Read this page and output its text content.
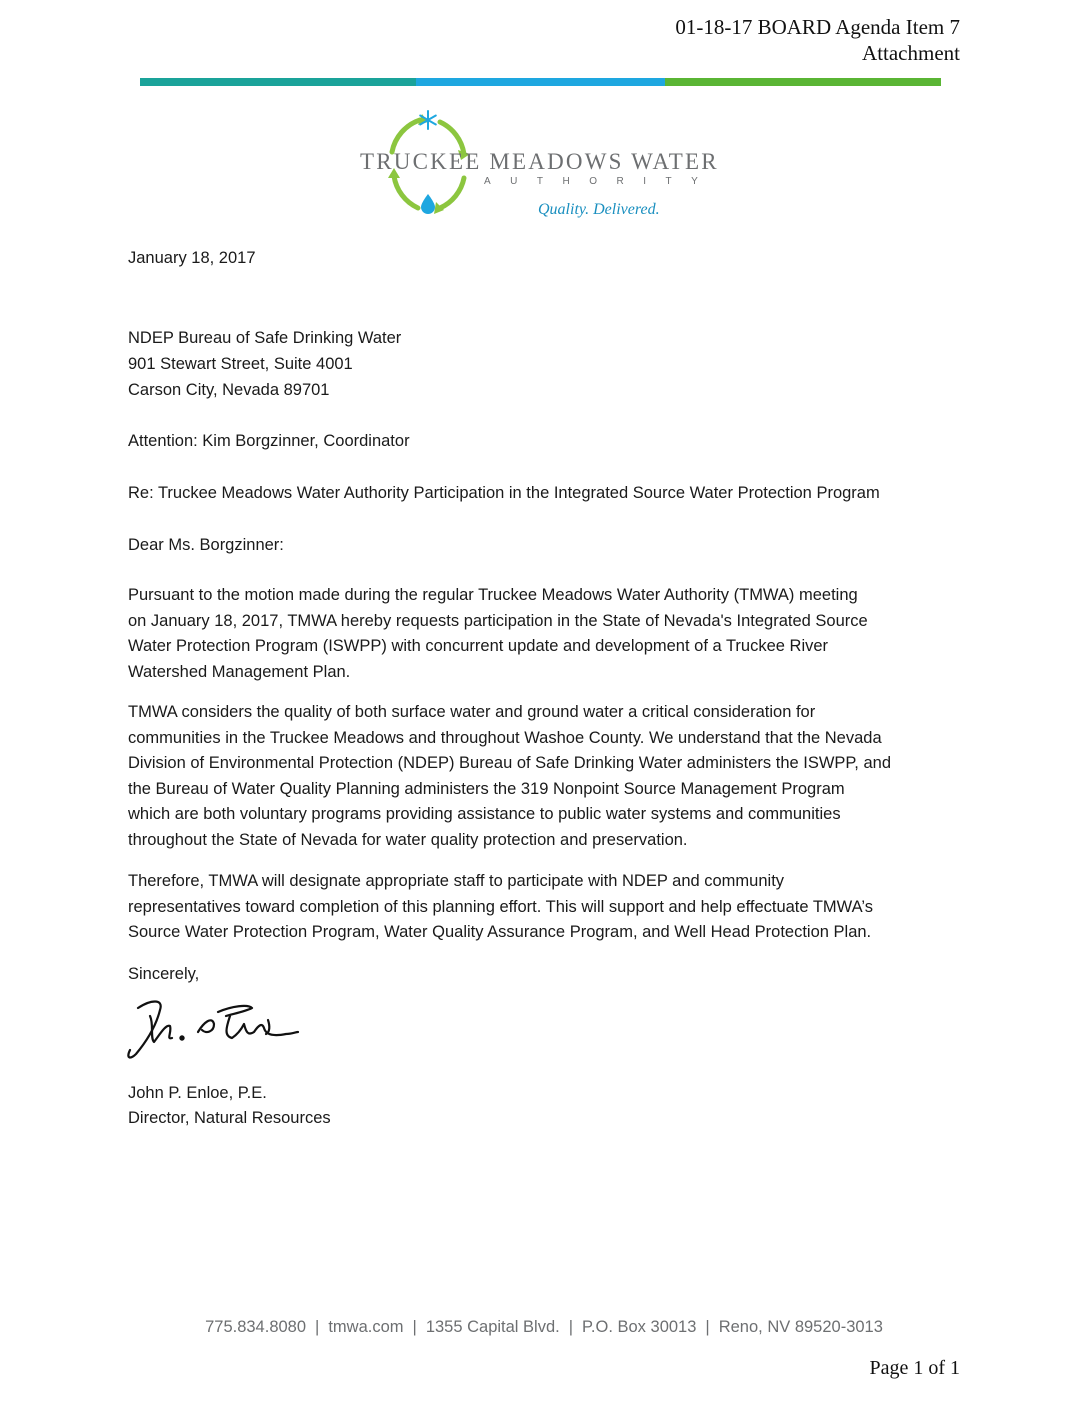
01-18-17 BOARD Agenda Item 7
Attachment
TRUCKEE MEADOWS WATER
AUTHORITY
Quality. Delivered.
January 18, 2017
NDEP Bureau of Safe Drinking Water
901 Stewart Street, Suite 4001
Carson City, Nevada 89701
Attention: Kim Borgzinner, Coordinator
Re: Truckee Meadows Water Authority Participation in the Integrated Source Water Protection Program
Dear Ms. Borgzinner:
Pursuant to the motion made during the regular Truckee Meadows Water Authority (TMWA) meeting
on January 18, 2017, TMWA hereby requests participation in the State of Nevada's Integrated Source
Water Protection Program (ISWPP) with concurrent update and development of a Truckee River
Watershed Management Plan.
TMWA considers the quality of both surface water and ground water a critical consideration for
communities in the Truckee Meadows and throughout Washoe County. We understand that the Nevada
Division of Environmental Protection (NDEP) Bureau of Safe Drinking Water administers the ISWPP, and
the Bureau of Water Quality Planning administers the 319 Nonpoint Source Management Program
which are both voluntary programs providing assistance to public water systems and communities
throughout the State of Nevada for water quality protection and preservation.
Therefore, TMWA will designate appropriate staff to participate with NDEP and community
representatives toward completion of this planning effort. This will support and help effectuate TMWA’s
Source Water Protection Program, Water Quality Assurance Program, and Well Head Protection Plan.
Sincerely,
John P. Enloe, P.E.
Director, Natural Resources
775.834.8080 | tmwa.com | 1355 Capital Blvd. | P.O. Box 30013 | Reno, NV 89520-3013
Page 1 of 1
